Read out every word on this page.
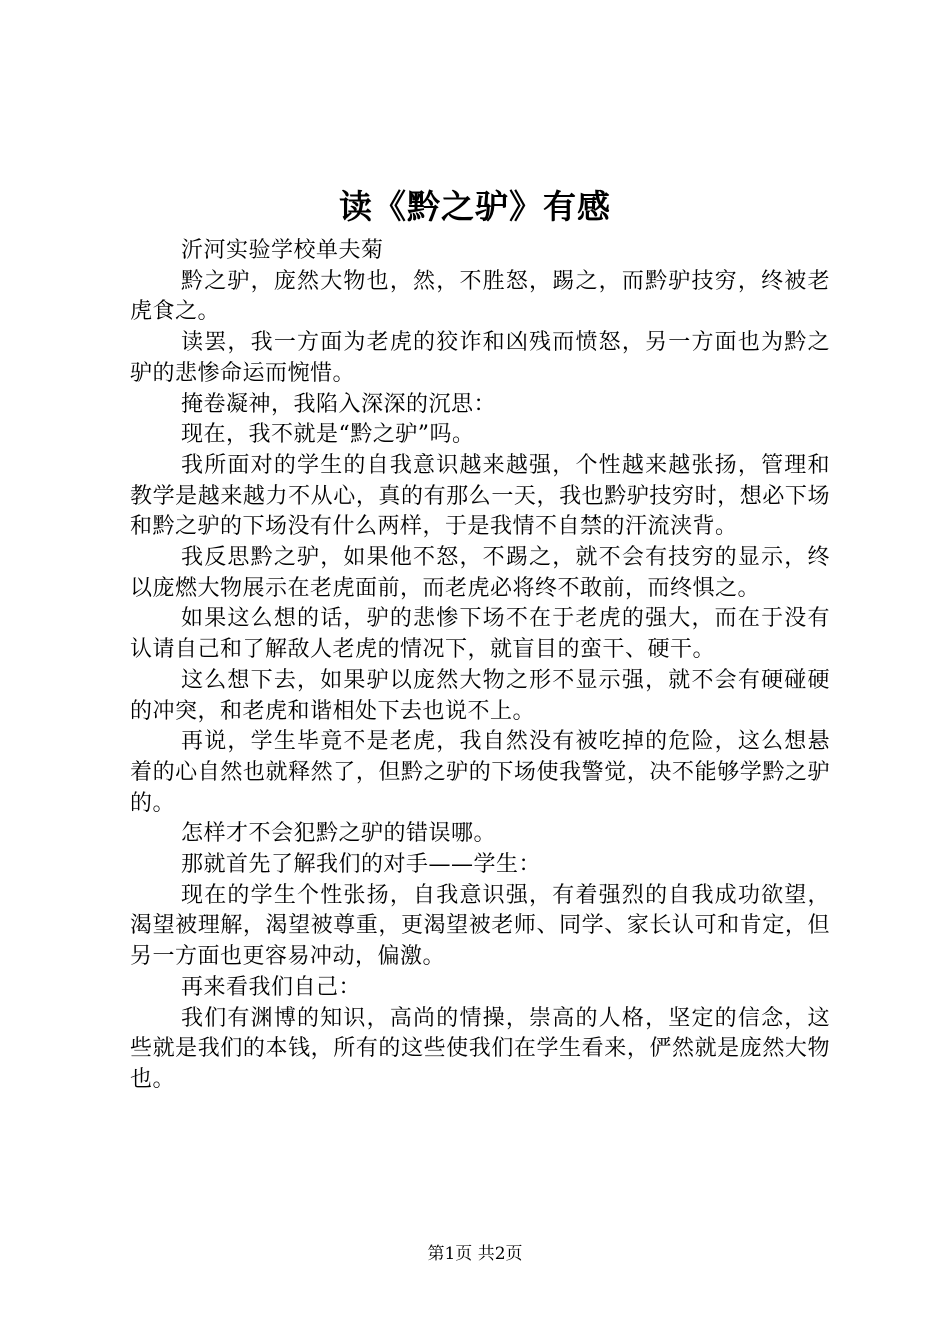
读《黔之驴》有感

沂河实验学校单夫菊

黔之驴，庞然大物也，然，不胜怒，踢之，而黔驴技穷，终被老虎食之。

读罢，我一方面为老虎的狡诈和凶残而愤怒，另一方面也为黔之驴的悲惨命运而惋惜。

掩卷凝神，我陷入深深的沉思：

现在，我不就是“黔之驴”吗。

我所面对的学生的自我意识越来越强，个性越来越张扬，管理和教学是越来越力不从心，真的有那么一天，我也黔驴技穷时，想必下场和黔之驴的下场没有什么两样，于是我情不自禁的汗流浃背。

我反思黔之驴，如果他不怒，不踢之，就不会有技穷的显示，终以庞燃大物展示在老虎面前，而老虎必将终不敢前，而终惧之。

如果这么想的话，驴的悲惨下场不在于老虎的强大，而在于没有认请自己和了解敌人老虎的情况下，就盲目的蛮干、硬干。

这么想下去，如果驴以庞然大物之形不显示强，就不会有硬碰硬的冲突，和老虎和谐相处下去也说不上。

再说，学生毕竟不是老虎，我自然没有被吃掉的危险，这么想悬着的心自然也就释然了，但黔之驴的下场使我警觉，决不能够学黔之驴的。

怎样才不会犯黔之驴的错误哪。

那就首先了解我们的对手——学生：

现在的学生个性张扬，自我意识强，有着强烈的自我成功欲望，渴望被理解，渴望被尊重，更渴望被老师、同学、家长认可和肯定，但另一方面也更容易冲动，偏激。

再来看我们自己：

我们有渊博的知识，高尚的情操，崇高的人格，坚定的信念，这些就是我们的本钱，所有的这些使我们在学生看来，俨然就是庞然大物也。

第1页 共2页
